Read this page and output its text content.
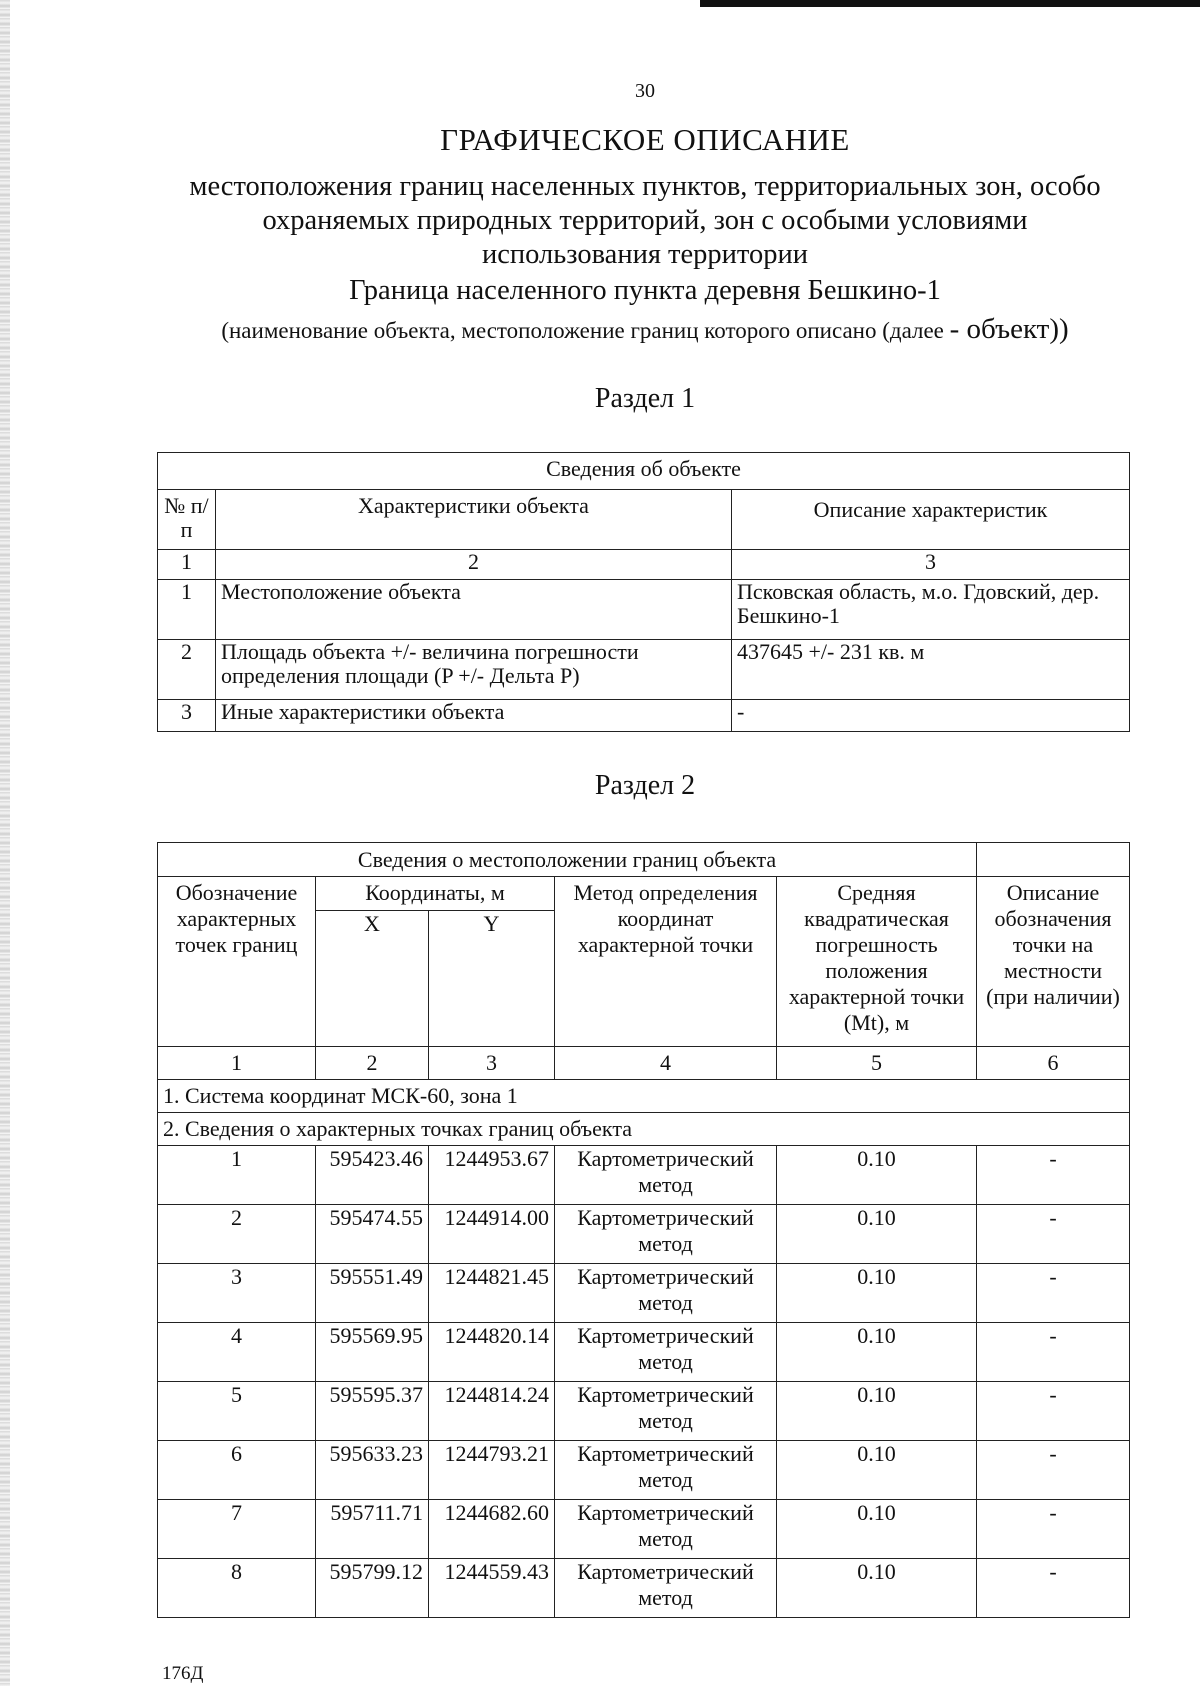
30
ГРАФИЧЕСКОЕ ОПИСАНИЕ
местоположения границ населенных пунктов, территориальных зон, особо охраняемых природных территорий, зон с особыми условиями использования территории
Граница населенного пункта деревня Бешкино-1
(наименование объекта, местоположение границ которого описано (далее - объект))
Раздел 1
Сведения об объекте		
№ п/п	Характеристики объекта	Описание характеристик
1	2	3
1	Местоположение объекта	Псковская область, м.о. Гдовский, дер. Бешкино-1
2	Площадь объекта +/- величина погрешности определения площади (P +/- Дельта P)	437645 +/- 231 кв. м
3	Иные характеристики объекта	-
Раздел 2
Сведения о местоположении границ объекта					
Обозначение характерных точек границ	Координаты, м		Метод определения координат характерной точки	Средняя квадратическая погрешность положения характерной точки (Mt), м	Описание обозначения точки на местности (при наличии)
	X	Y			
1	2	3	4	5	6
1. Система координат МСК-60, зона 1					
2. Сведения о характерных точках границ объекта					
1	595423.46	1244953.67	Картометрический метод	0.10	-
2	595474.55	1244914.00	Картометрический метод	0.10	-
3	595551.49	1244821.45	Картометрический метод	0.10	-
4	595569.95	1244820.14	Картометрический метод	0.10	-
5	595595.37	1244814.24	Картометрический метод	0.10	-
6	595633.23	1244793.21	Картометрический метод	0.10	-
7	595711.71	1244682.60	Картометрический метод	0.10	-
8	595799.12	1244559.43	Картометрический метод	0.10	-
176Д
